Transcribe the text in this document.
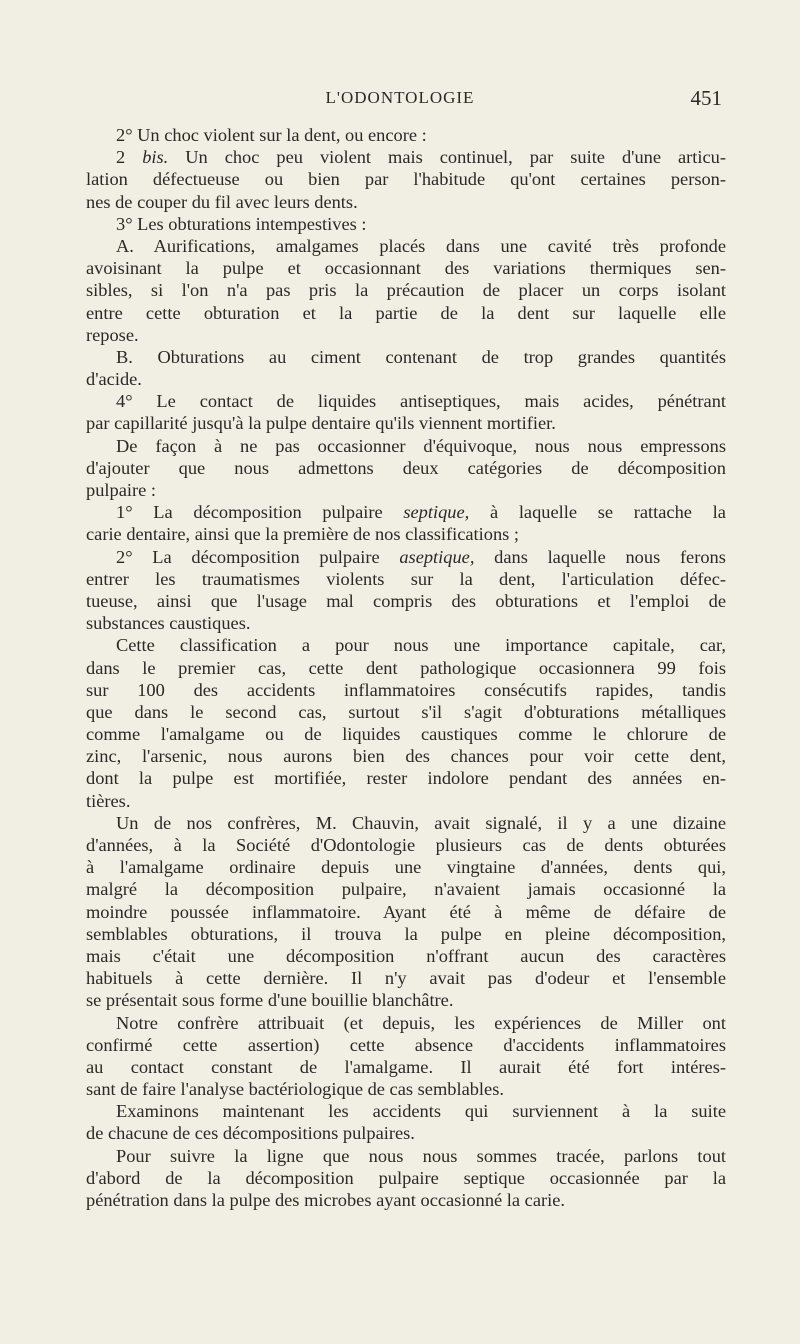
L'ODONTOLOGIE	451
2° Un choc violent sur la dent, ou encore :
2 bis. Un choc peu violent mais continuel, par suite d'une articu-
lation défectueuse ou bien par l'habitude qu'ont certaines person-
nes de couper du fil avec leurs dents.
3° Les obturations intempestives :
A. Aurifications, amalgames placés dans une cavité très profonde
avoisinant la pulpe et occasionnant des variations thermiques sen-
sibles, si l'on n'a pas pris la précaution de placer un corps isolant
entre cette obturation et la partie de la dent sur laquelle elle
repose.
B. Obturations au ciment contenant de trop grandes quantités
d'acide.
4° Le contact de liquides antiseptiques, mais acides, pénétrant
par capillarité jusqu'à la pulpe dentaire qu'ils viennent mortifier.
De façon à ne pas occasionner d'équivoque, nous nous empressons
d'ajouter que nous admettons deux catégories de décomposition
pulpaire :
1° La décomposition pulpaire septique, à laquelle se rattache la
carie dentaire, ainsi que la première de nos classifications ;
2° La décomposition pulpaire aseptique, dans laquelle nous ferons
entrer les traumatismes violents sur la dent, l'articulation défec-
tueuse, ainsi que l'usage mal compris des obturations et l'emploi de
substances caustiques.
Cette classification a pour nous une importance capitale, car,
dans le premier cas, cette dent pathologique occasionnera 99 fois
sur 100 des accidents inflammatoires consécutifs rapides, tandis
que dans le second cas, surtout s'il s'agit d'obturations métalliques
comme l'amalgame ou de liquides caustiques comme le chlorure de
zinc, l'arsenic, nous aurons bien des chances pour voir cette dent,
dont la pulpe est mortifiée, rester indolore pendant des années en-
tières.
Un de nos confrères, M. Chauvin, avait signalé, il y a une dizaine
d'années, à la Société d'Odontologie plusieurs cas de dents obturées
à l'amalgame ordinaire depuis une vingtaine d'années, dents qui,
malgré la décomposition pulpaire, n'avaient jamais occasionné la
moindre poussée inflammatoire. Ayant été à même de défaire de
semblables obturations, il trouva la pulpe en pleine décomposition,
mais c'était une décomposition n'offrant aucun des caractères
habituels à cette dernière. Il n'y avait pas d'odeur et l'ensemble
se présentait sous forme d'une bouillie blanchâtre.
Notre confrère attribuait (et depuis, les expériences de Miller ont
confirmé cette assertion) cette absence d'accidents inflammatoires
au contact constant de l'amalgame. Il aurait été fort intéres-
sant de faire l'analyse bactériologique de cas semblables.
Examinons maintenant les accidents qui surviennent à la suite
de chacune de ces décompositions pulpaires.
Pour suivre la ligne que nous nous sommes tracée, parlons tout
d'abord de la décomposition pulpaire septique occasionnée par la
pénétration dans la pulpe des microbes ayant occasionné la carie.
